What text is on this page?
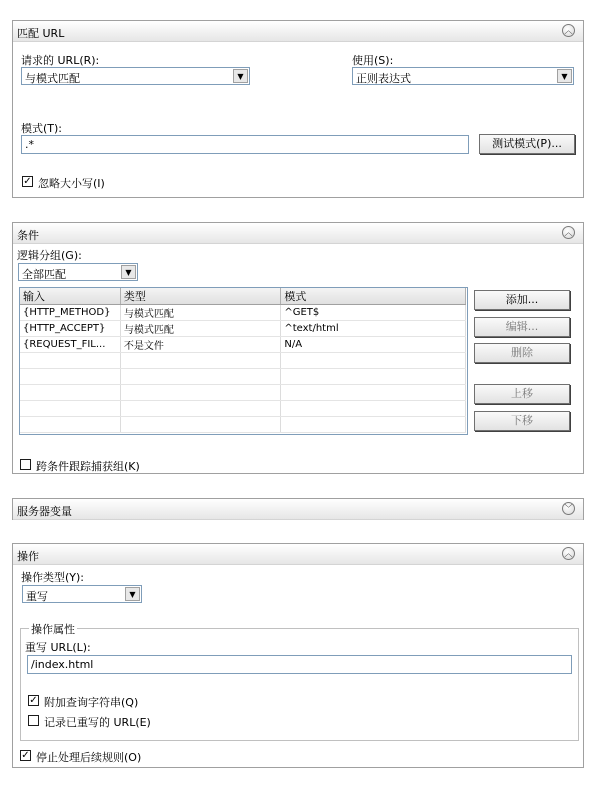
匹配 URL	︿
请求的 URL(R):
与模式匹配	▼
使用(S):
正则表达式	▼
模式(T):
.*	测试模式(P)...
✓ 忽略大小写(I)
条件	︿
逻辑分组(G):
全部匹配	▼
输入	类型	模式
{HTTP_METHOD}	与模式匹配	^GET$
{HTTP_ACCEPT}	与模式匹配	^text/html
{REQUEST_FIL...	不是文件	N/A

添加...
编辑...
删除
上移
下移
跨条件跟踪捕获组(K)
服务器变量	﹀
操作	︿
操作类型(Y):
重写	▼
操作属性
重写 URL(L):
/index.html
✓ 附加查询字符串(Q)
记录已重写的 URL(E)
✓ 停止处理后续规则(O)
